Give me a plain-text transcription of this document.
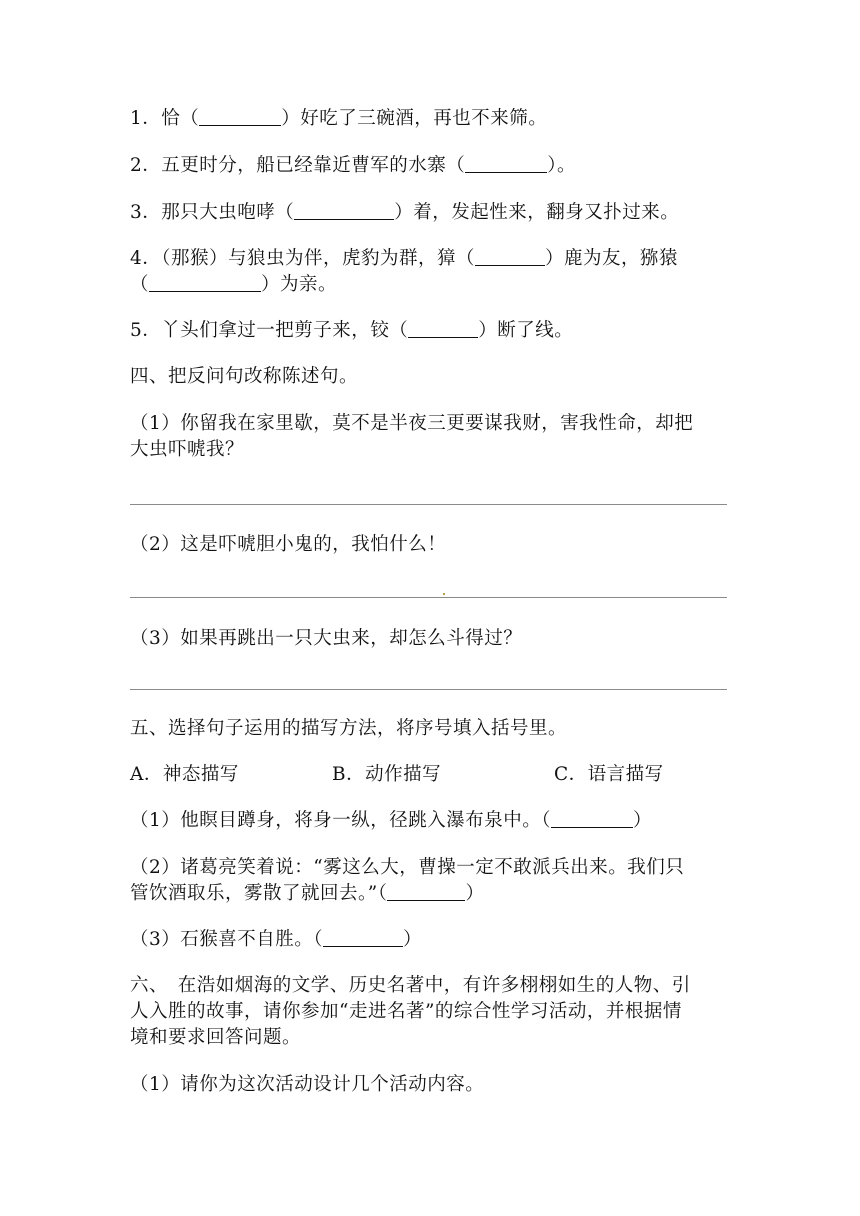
1．恰（	）好吃了三碗酒，再也不来筛。
2．五更时分，船已经靠近曹军的水寨（	）。
3．那只大虫咆哮（	）着，发起性来，翻身又扑过来。
4．（那猴）与狼虫为伴，虎豹为群，獐（	）鹿为友，猕猿
（	）为亲。
5．丫头们拿过一把剪子来，铰（	）断了线。
四、把反问句改称陈述句。
（1）你留我在家里歇，莫不是半夜三更要谋我财，害我性命，却把
大虫吓唬我？
（2）这是吓唬胆小鬼的，我怕什么！
（3）如果再跳出一只大虫来，却怎么斗得过？
五、选择句子运用的描写方法，将序号填入括号里。
A．神态描写	B．动作描写	C．语言描写
（1）他瞑目蹲身，将身一纵，径跳入瀑布泉中。（	）
（2）诸葛亮笑着说：“雾这么大，曹操一定不敢派兵出来。我们只
管饮酒取乐，雾散了就回去。”（	）
（3）石猴喜不自胜。（	）
六、　在浩如烟海的文学、历史名著中，有许多栩栩如生的人物、引
人入胜的故事，请你参加“走进名著”的综合性学习活动，并根据情
境和要求回答问题。
（1）请你为这次活动设计几个活动内容。
